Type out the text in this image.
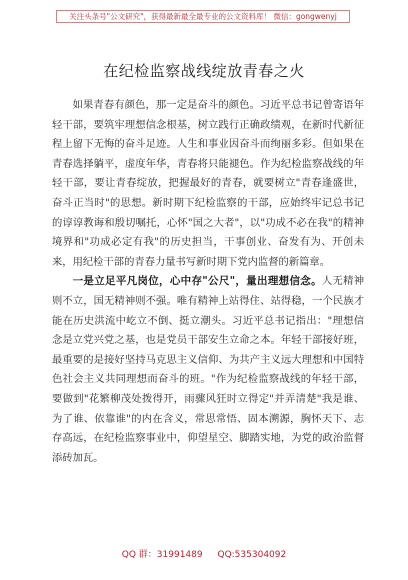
关注头条号"公文研究"，获得最新最全最专业的公文资料库！ 微信：gongwenyj
在纪检监察战线绽放青春之火

如果青春有颜色，那一定是奋斗的颜色。习近平总书记曾寄语年轻干部，要筑牢理想信念根基，树立践行正确政绩观，在新时代新征程上留下无悔的奋斗足迹。人生和事业因奋斗而绚丽多彩。但如果在青春选择躺平，虚度年华，青春将只能褪色。作为纪检监察战线的年轻干部，要让青春绽放，把握最好的青春，就要树立"青春逢盛世，奋斗正当时"的思想。新时期下纪检监察的干部，应始终牢记总书记的谆谆教诲和殷切嘱托，心怀"国之大者"，以"功成不必在我"的精神境界和"功成必定有我"的历史担当，干事创业、奋发有为、开创未来，用纪检干部的青春力量书写新时期下党内监督的新篇章。

一是立足平凡岗位，心中存"公尺"，量出理想信念。人无精神则不立，国无精神则不强。唯有精神上站得住、站得稳，一个民族才能在历史洪流中屹立不倒、挺立潮头。习近平总书记指出："理想信念是立党兴党之基，也是党员干部安生立命之本。年轻干部接好班，最重要的是接好坚持马克思主义信仰、为共产主义远大理想和中国特色社会主义共同理想而奋斗的班。"作为纪检监察战线的年轻干部，要做到"花繁柳茂处拨得开，雨骤风狂时立得定"并弄清楚"我是谁、为了谁、依靠谁"的内在含义，常思常悟、固本溯源，胸怀天下、志存高远，在纪检监察事业中，仰望星空、脚踏实地，为党的政治监督添砖加瓦。

QQ 群：31991489 QQ:535304092
